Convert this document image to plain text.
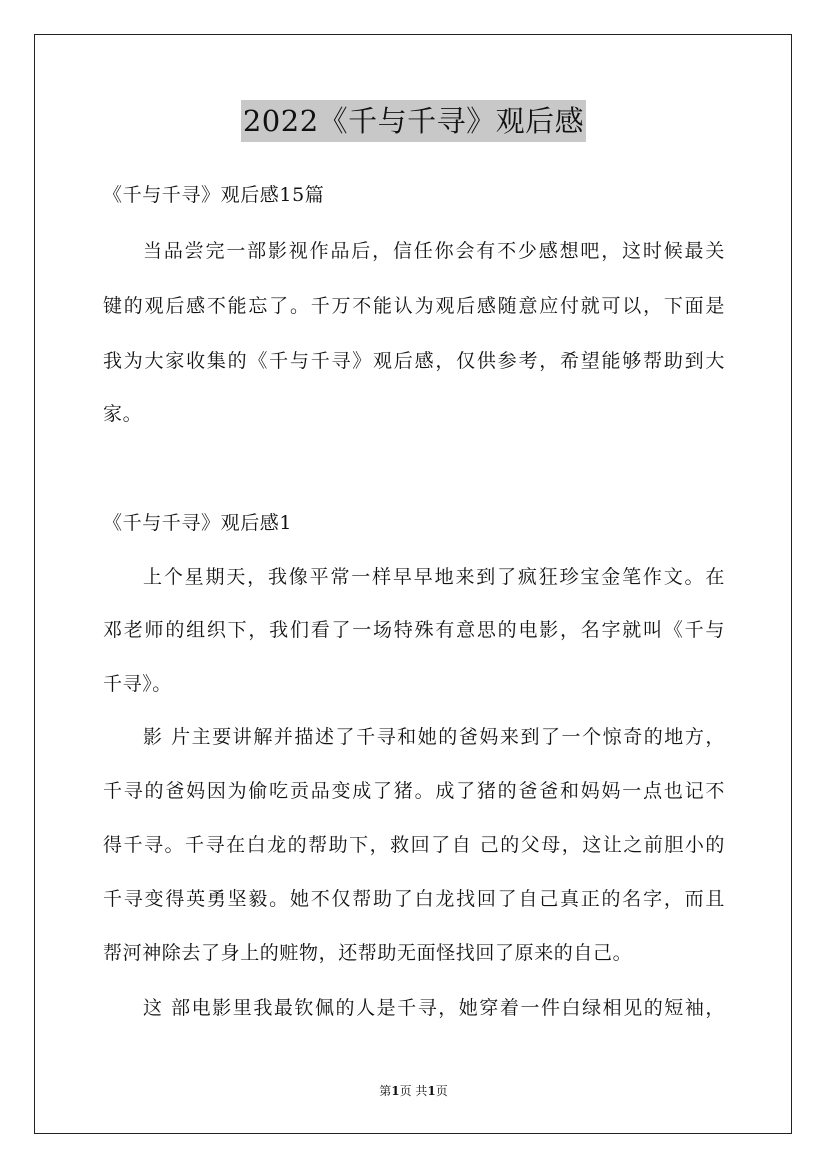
2022《千与千寻》观后感
《千与千寻》观后感15篇
当品尝完一部影视作品后，信任你会有不少感想吧，这时候最关
键的观后感不能忘了。千万不能认为观后感随意应付就可以，下面是
我为大家收集的《千与千寻》观后感，仅供参考，希望能够帮助到大
家。
《千与千寻》观后感1
上个星期天，我像平常一样早早地来到了疯狂珍宝金笔作文。在
邓老师的组织下，我们看了一场特殊有意思的电影，名字就叫《千与
千寻》。
影 片主要讲解并描述了千寻和她的爸妈来到了一个惊奇的地方，
千寻的爸妈因为偷吃贡品变成了猪。成了猪的爸爸和妈妈一点也记不
得千寻。千寻在白龙的帮助下，救回了自 己的父母，这让之前胆小的
千寻变得英勇坚毅。她不仅帮助了白龙找回了自己真正的名字，而且
帮河神除去了身上的赃物，还帮助无面怪找回了原来的自己。
这 部电影里我最钦佩的人是千寻，她穿着一件白绿相见的短袖，
第1页 共1页
